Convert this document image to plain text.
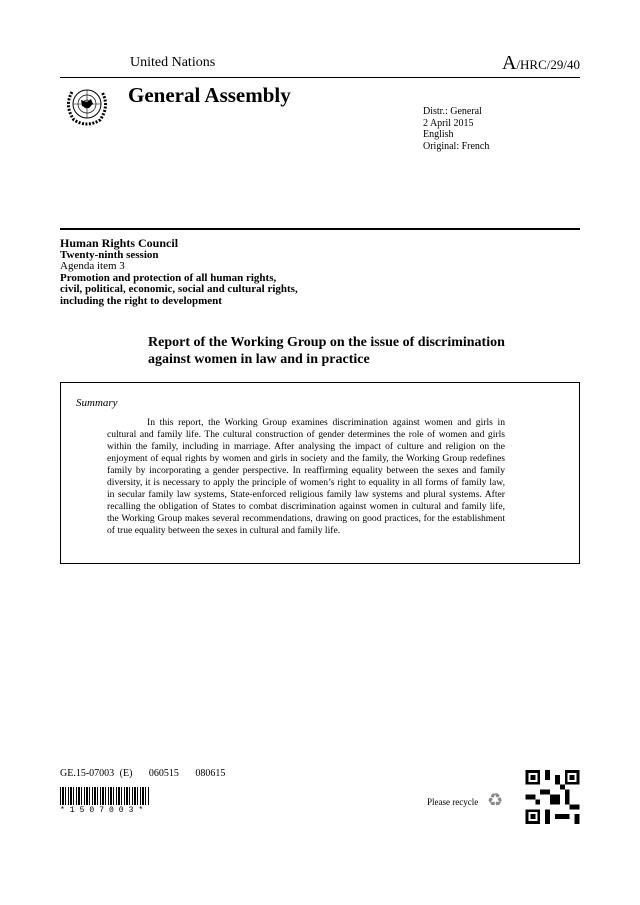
United Nations	A/HRC/29/40
General Assembly
Distr.: General
2 April 2015
English
Original: French
Human Rights Council
Twenty-ninth session
Agenda item 3
Promotion and protection of all human rights,
civil, political, economic, social and cultural rights,
including the right to development
Report of the Working Group on the issue of discrimination
against women in law and in practice
Summary
In this report, the Working Group examines discrimination against women and girls in cultural and family life. The cultural construction of gender determines the role of women and girls within the family, including in marriage. After analysing the impact of culture and religion on the enjoyment of equal rights by women and girls in society and the family, the Working Group redefines family by incorporating a gender perspective. In reaffirming equality between the sexes and family diversity, it is necessary to apply the principle of women’s right to equality in all forms of family law, in secular family law systems, State-enforced religious family law systems and plural systems. After recalling the obligation of States to combat discrimination against women in cultural and family life, the Working Group makes several recommendations, drawing on good practices, for the establishment of true equality between the sexes in cultural and family life.
GE.15-07003 (E)   060515   080615
*1507003*
Please recycle ♻
